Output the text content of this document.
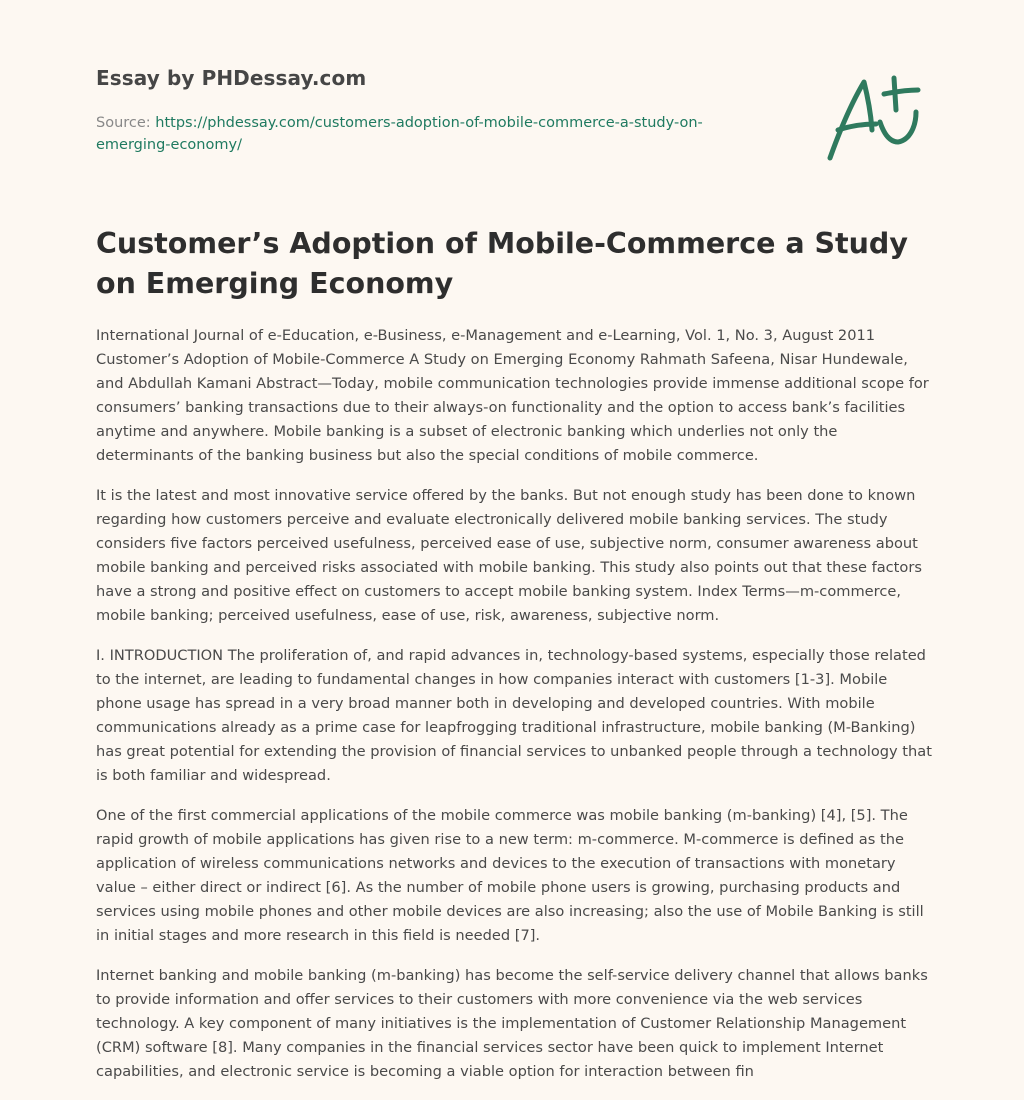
Essay by PHDessay.com
Source: https://phdessay.com/customers-adoption-of-mobile-commerce-a-study-on-emerging-economy/
Customer’s Adoption of Mobile-Commerce a Study on Emerging Economy

International Journal of e-Education, e-Business, e-Management and e-Learning, Vol. 1, No. 3, August 2011 Customer’s Adoption of Mobile-Commerce A Study on Emerging Economy Rahmath Safeena, Nisar Hundewale, and Abdullah Kamani Abstract—Today, mobile communication technologies provide immense additional scope for consumers’ banking transactions due to their always-on functionality and the option to access bank’s facilities anytime and anywhere. Mobile banking is a subset of electronic banking which underlies not only the determinants of the banking business but also the special conditions of mobile commerce.

It is the latest and most innovative service offered by the banks. But not enough study has been done to known regarding how customers perceive and evaluate electronically delivered mobile banking services. The study considers five factors perceived usefulness, perceived ease of use, subjective norm, consumer awareness about mobile banking and perceived risks associated with mobile banking. This study also points out that these factors have a strong and positive effect on customers to accept mobile banking system. Index Terms—m-commerce, mobile banking; perceived usefulness, ease of use, risk, awareness, subjective norm.

I. INTRODUCTION The proliferation of, and rapid advances in, technology-based systems, especially those related to the internet, are leading to fundamental changes in how companies interact with customers [1-3]. Mobile phone usage has spread in a very broad manner both in developing and developed countries. With mobile communications already as a prime case for leapfrogging traditional infrastructure, mobile banking (M-Banking) has great potential for extending the provision of financial services to unbanked people through a technology that is both familiar and widespread.

One of the first commercial applications of the mobile commerce was mobile banking (m-banking) [4], [5]. The rapid growth of mobile applications has given rise to a new term: m-commerce. M-commerce is defined as the application of wireless communications networks and devices to the execution of transactions with monetary value – either direct or indirect [6]. As the number of mobile phone users is growing, purchasing products and services using mobile phones and other mobile devices are also increasing; also the use of Mobile Banking is still in initial stages and more research in this field is needed [7].

Internet banking and mobile banking (m-banking) has become the self-service delivery channel that allows banks to provide information and offer services to their customers with more convenience via the web services technology. A key component of many initiatives is the implementation of Customer Relationship Management (CRM) software [8]. Many companies in the financial services sector have been quick to implement Internet capabilities, and electronic service is becoming a viable option for interaction between fin
